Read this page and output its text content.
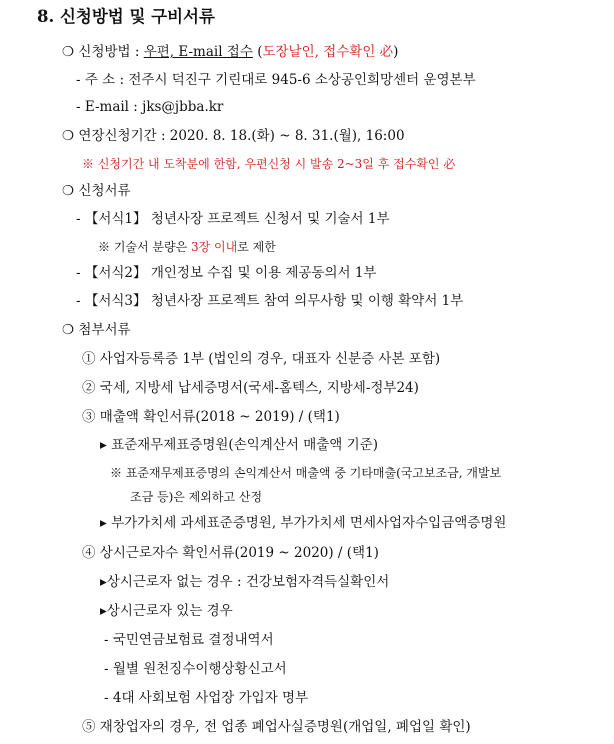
8. 신청방법 및 구비서류
❍ 신청방법 : 우편, E-mail 접수 (도장날인, 접수확인 必)
- 주 소 : 전주시 덕진구 기린대로 945-6 소상공인희망센터 운영본부
- E-mail : jks@jbba.kr
❍ 연장신청기간 : 2020. 8. 18.(화) ~ 8. 31.(월), 16:00
※ 신청기간 내 도착분에 한함, 우편신청 시 발송 2~3일 후 접수확인 必
❍ 신청서류
- 【서식1】 청년사장 프로젝트 신청서 및 기술서 1부
※ 기술서 분량은 3장 이내로 제한
- 【서식2】 개인정보 수집 및 이용 제공동의서 1부
- 【서식3】 청년사장 프로젝트 참여 의무사항 및 이행 확약서 1부
❍ 첨부서류
① 사업자등록증 1부 (법인의 경우, 대표자 신분증 사본 포함)
② 국세, 지방세 납세증명서(국세-홈텍스, 지방세-정부24)
③ 매출액 확인서류(2018 ~ 2019) / (택1)
▸ 표준재무제표증명원(손익계산서 매출액 기준)
※ 표준재무제표증명의 손익계산서 매출액 중 기타매출(국고보조금, 개발보
조금 등)은 제외하고 산정
▸ 부가가치세 과세표준증명원, 부가가치세 면세사업자수입금액증명원
④ 상시근로자수 확인서류(2019 ~ 2020) / (택1)
▸상시근로자 없는 경우 : 건강보험자격득실확인서
▸상시근로자 있는 경우
- 국민연금보험료 결정내역서
- 월별 원천징수이행상황신고서
- 4대 사회보험 사업장 가입자 명부
⑤ 재창업자의 경우, 전 업종 폐업사실증명원(개업일, 폐업일 확인)
